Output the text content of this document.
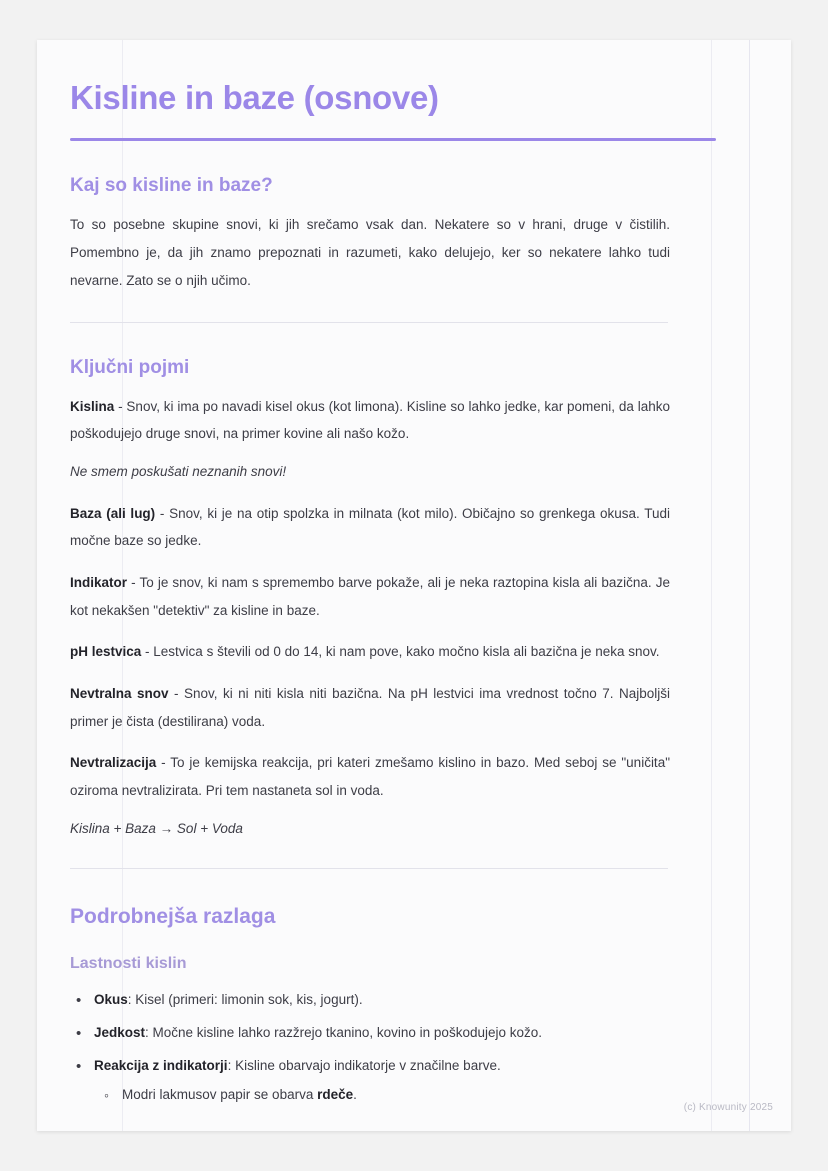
Kisline in baze (osnove)
Kaj so kisline in baze?

To so posebne skupine snovi, ki jih srečamo vsak dan. Nekatere so v hrani, druge v čistilih. Pomembno je, da jih znamo prepoznati in razumeti, kako delujejo, ker so nekatere lahko tudi nevarne. Zato se o njih učimo.

Ključni pojmi

Kislina - Snov, ki ima po navadi kisel okus (kot limona). Kisline so lahko jedke, kar pomeni, da lahko poškodujejo druge snovi, na primer kovine ali našo kožo.

Ne smem poskušati neznanih snovi!

Baza (ali lug) - Snov, ki je na otip spolzka in milnata (kot milo). Običajno so grenkega okusa. Tudi močne baze so jedke.

Indikator - To je snov, ki nam s spremembo barve pokaže, ali je neka raztopina kisla ali bazična. Je kot nekakšen "detektiv" za kisline in baze.

pH lestvica - Lestvica s števili od 0 do 14, ki nam pove, kako močno kisla ali bazična je neka snov.

Nevtralna snov - Snov, ki ni niti kisla niti bazična. Na pH lestvici ima vrednost točno 7. Najboljši primer je čista (destilirana) voda.

Nevtralizacija - To je kemijska reakcija, pri kateri zmešamo kislino in bazo. Med seboj se "uničita" oziroma nevtralizirata. Pri tem nastaneta sol in voda.

Kislina + Baza → Sol + Voda

Podrobnejša razlaga
Lastnosti kislin
• Okus: Kisel (primeri: limonin sok, kis, jogurt).
• Jedkost: Močne kisline lahko razžrejo tkanino, kovino in poškodujejo kožo.
• Reakcija z indikatorji: Kisline obarvajo indikatorje v značilne barve.
◦ Modri lakmusov papir se obarva rdeče.
(c) Knowunity 2025
